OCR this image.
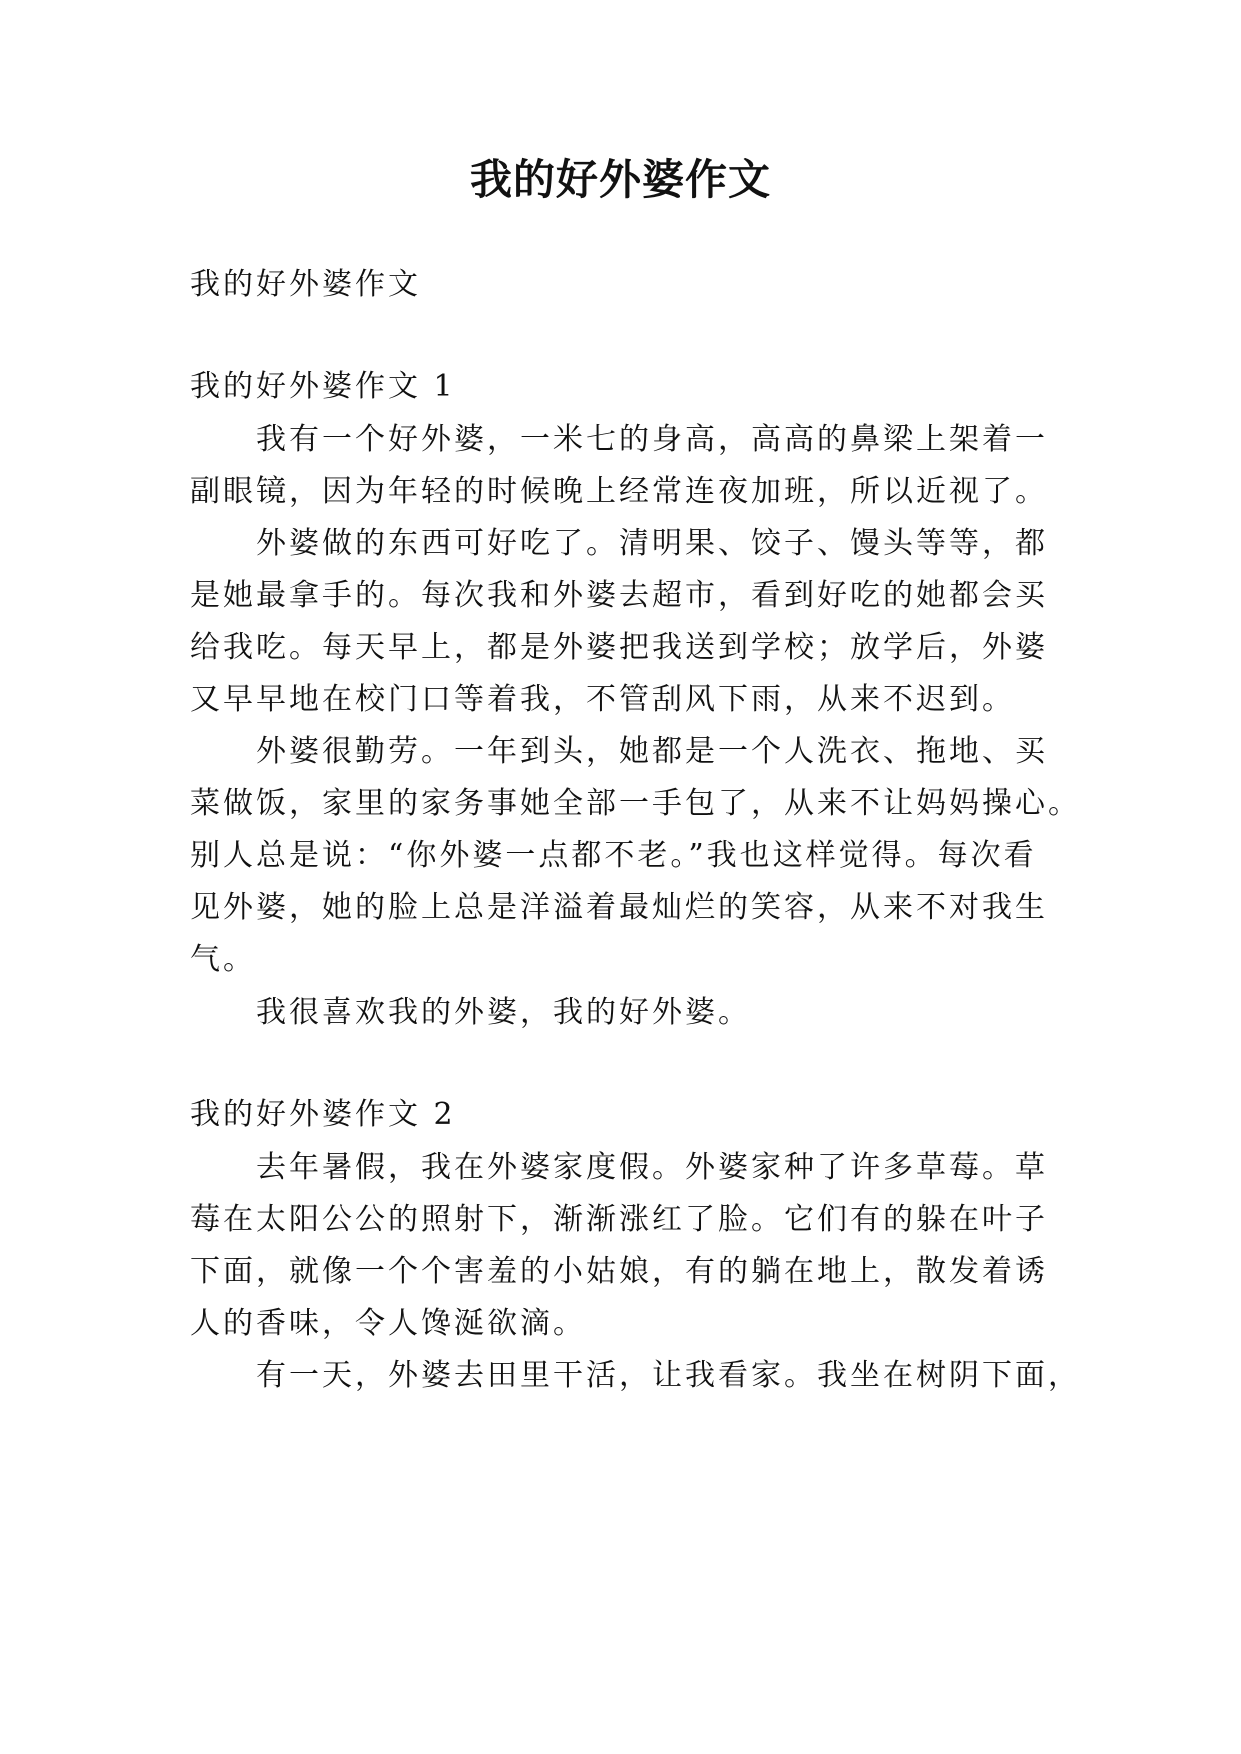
我的好外婆作文
我的好外婆作文
我的好外婆作文 1
我有一个好外婆，一米七的身高，高高的鼻梁上架着一
副眼镜，因为年轻的时候晚上经常连夜加班，所以近视了。
外婆做的东西可好吃了。清明果、饺子、馒头等等，都
是她最拿手的。每次我和外婆去超市，看到好吃的她都会买
给我吃。每天早上，都是外婆把我送到学校；放学后，外婆
又早早地在校门口等着我，不管刮风下雨，从来不迟到。
外婆很勤劳。一年到头，她都是一个人洗衣、拖地、买
菜做饭，家里的家务事她全部一手包了，从来不让妈妈操心。
别人总是说：“你外婆一点都不老。”我也这样觉得。每次看
见外婆，她的脸上总是洋溢着最灿烂的笑容，从来不对我生
气。
我很喜欢我的外婆，我的好外婆。
我的好外婆作文 2
去年暑假，我在外婆家度假。外婆家种了许多草莓。草
莓在太阳公公的照射下，渐渐涨红了脸。它们有的躲在叶子
下面，就像一个个害羞的小姑娘，有的躺在地上，散发着诱
人的香味，令人馋涎欲滴。
有一天，外婆去田里干活，让我看家。我坐在树阴下面，
